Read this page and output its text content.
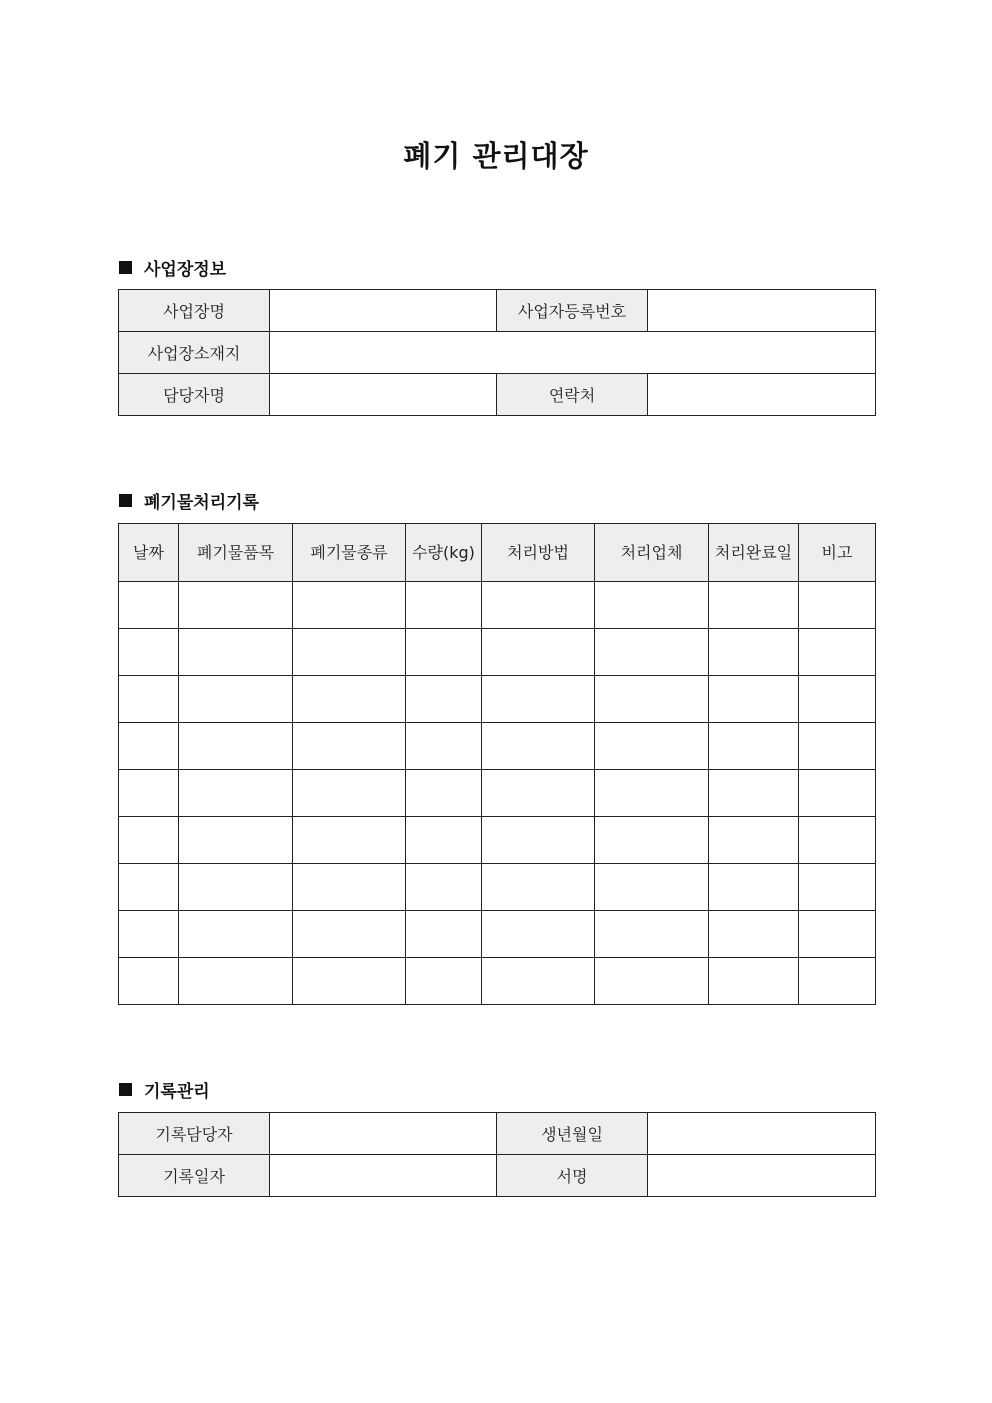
폐기 관리대장
사업장정보
사업장명		사업자등록번호	
사업장소재지			
담당자명		연락처	
폐기물처리기록
날짜	폐기물품목	폐기물종류	수량(kg)	처리방법	처리업체	처리완료일	비고

기록관리
기록담당자		생년월일	
기록일자		서명	
